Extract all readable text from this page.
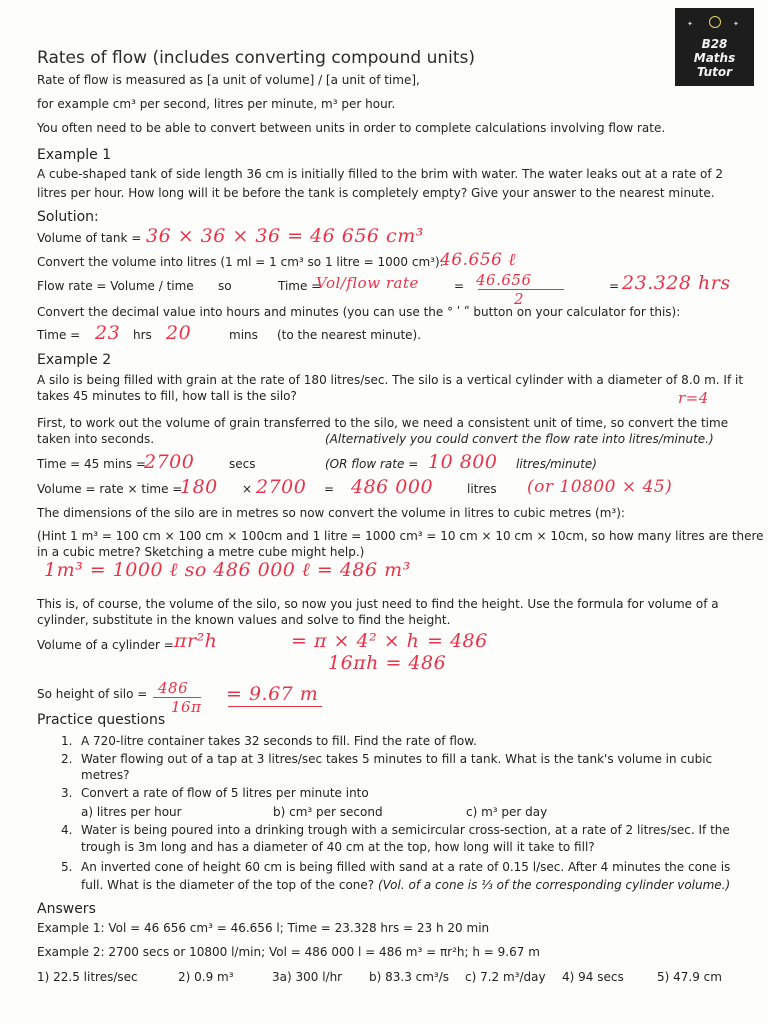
✦	✦
B28
Maths
Tutor
Rates of flow (includes converting compound units)
Rate of flow is measured as [a unit of volume] / [a unit of time],
for example cm³ per second, litres per minute, m³ per hour.
You often need to be able to convert between units in order to complete calculations involving flow rate.
Example 1
A cube-shaped tank of side length 36 cm is initially filled to the brim with water. The water leaks out at a rate of 2
litres per hour. How long will it be before the tank is completely empty? Give your answer to the nearest minute.
Solution:
Volume of tank = 36 × 36 × 36 = 46 656 cm³
Convert the volume into litres (1 ml = 1 cm³ so 1 litre = 1000 cm³):
46.656 ℓ
Flow rate = Volume / time so	Time =
Vol/flow rate	= 46.656
2
= 23.328 hrs
Convert the decimal value into hours and minutes (you can use the ° ʹ ʺ button on your calculator for this):
Time = 23 hrs 20	mins (to the nearest minute).
Example 2
A silo is being filled with grain at the rate of 180 litres/sec. The silo is a vertical cylinder with a diameter of 8.0 m. If it
takes 45 minutes to fill, how tall is the silo?	r=4
First, to work out the volume of grain transferred to the silo, we need a consistent unit of time, so convert the time
taken into seconds.	(Alternatively you could convert the flow rate into litres/minute.)
Time = 45 mins =
2700	secs	(OR flow rate = 10 800 litres/minute)
Volume = rate × time =
180 × 2700 = 486 000	litres (or 10800 × 45)
The dimensions of the silo are in metres so now convert the volume in litres to cubic metres (m³):
(Hint 1 m³ = 100 cm × 100 cm × 100cm and 1 litre = 1000 cm³ = 10 cm × 10 cm × 10cm, so how many litres are there
in a cubic metre? Sketching a metre cube might help.)
1m³ = 1000 ℓ so 486 000 ℓ = 486 m³
This is, of course, the volume of the silo, so now you just need to find the height. Use the formula for volume of a
cylinder, substitute in the known values and solve to find the height.
Volume of a cylinder = πr²h	= π × 4² × h = 486
16πh = 486
So height of silo = 486
16π
= 9.67 m
Practice questions
1. A 720-litre container takes 32 seconds to fill. Find the rate of flow.
2. Water flowing out of a tap at 3 litres/sec takes 5 minutes to fill a tank. What is the tank's volume in cubic
metres?
3. Convert a rate of flow of 5 litres per minute into
a) litres per hour	b) cm³ per second	c) m³ per day
4. Water is being poured into a drinking trough with a semicircular cross-section, at a rate of 2 litres/sec. If the
trough is 3m long and has a diameter of 40 cm at the top, how long will it take to fill?
5. An inverted cone of height 60 cm is being filled with sand at a rate of 0.15 l/sec. After 4 minutes the cone is
full. What is the diameter of the top of the cone? (Vol. of a cone is ⅓ of the corresponding cylinder volume.)
Answers
Example 1: Vol = 46 656 cm³ = 46.656 l; Time = 23.328 hrs = 23 h 20 min
Example 2: 2700 secs or 10800 l/min; Vol = 486 000 l = 486 m³ = πr²h; h = 9.67 m
1) 22.5 litres/sec	2) 0.9 m³	3a) 300 l/hr b) 83.3 cm³/s c) 7.2 m³/day 4) 94 secs	5) 47.9 cm
